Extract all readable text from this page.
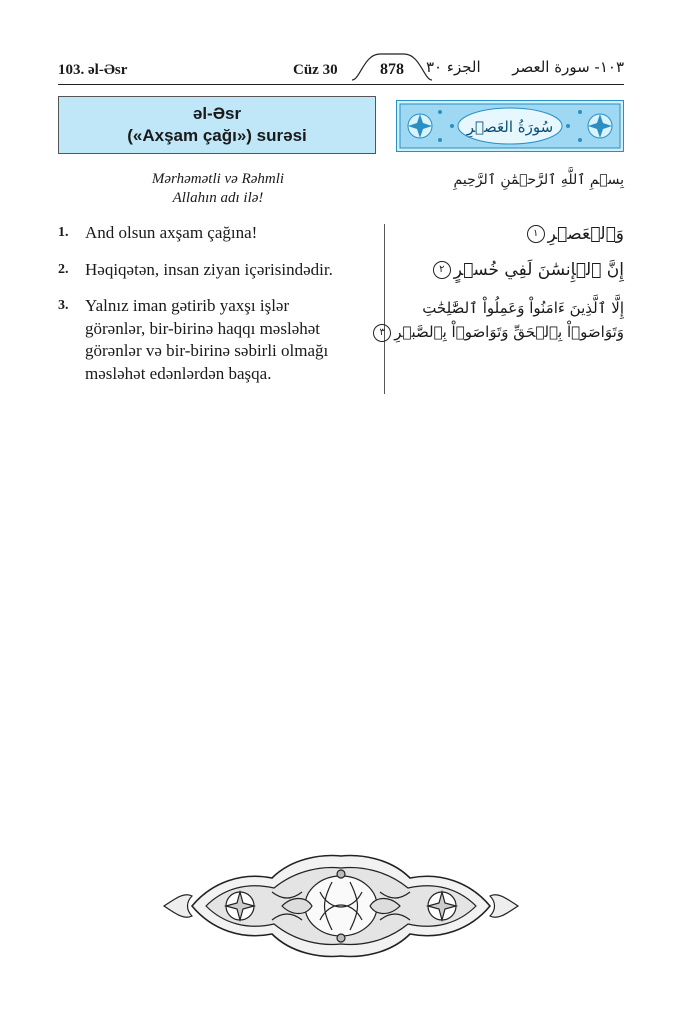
103. əl-Əsr	Cüz 30	878	الجزء ٣٠ ١٠٣- سورة العصر
əl-Əsr
(«Axşam çağı») surəsi	سُورَةُ العَصۡرِ
Mərhəmətli və Rəhmli
Allahın adı ilə!
بِسۡمِ ٱللَّهِ ٱلرَّحۡمَٰنِ ٱلرَّحِيمِ
1. And olsun axşam çağına!
2. Həqiqətən, insan ziyan içərisindədir.
3. Yalnız iman gətirib yaxşı işlər
görənlər, bir-birinə haqqı məsləhət
görənlər və bir-birinə səbirli olmağı
məsləhət edənlərdən başqa.
وَٱلۡعَصۡرِ١
إِنَّ ٱلۡإِنسَٰنَ لَفِي خُسۡرٍ٢
إِلَّا ٱلَّذِينَ ءَامَنُواْ وَعَمِلُواْ ٱلصَّٰلِحَٰتِ
وَتَوَاصَوۡاْ بِٱلۡحَقِّ وَتَوَاصَوۡاْ بِٱلصَّبۡرِ٣
